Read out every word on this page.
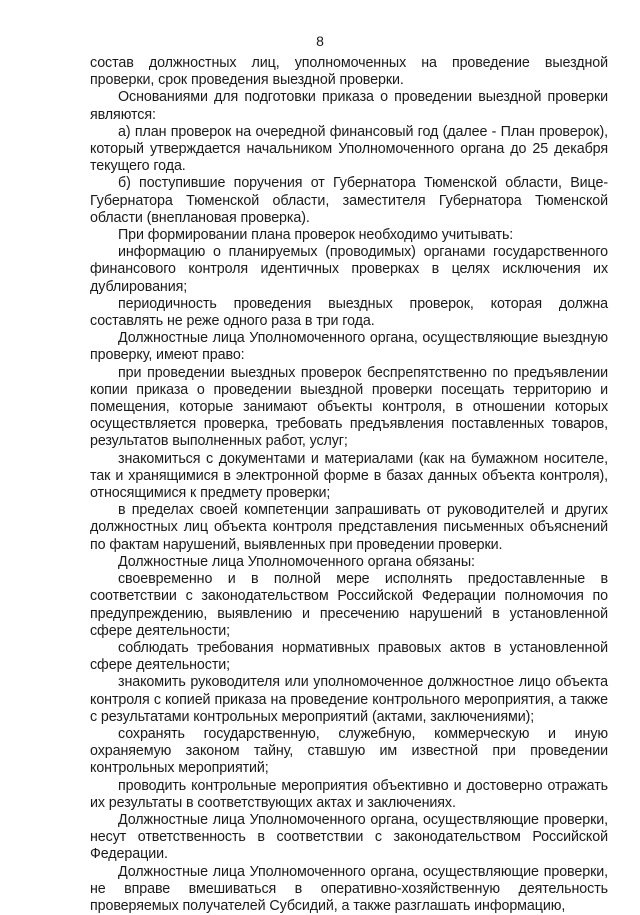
8

состав должностных лиц, уполномоченных на проведение выездной проверки, срок проведения выездной проверки.

Основаниями для подготовки приказа о проведении выездной проверки являются:

а) план проверок на очередной финансовый год (далее - План проверок), который утверждается начальником Уполномоченного органа до 25 декабря текущего года.

б) поступившие поручения от Губернатора Тюменской области, Вице-Губернатора Тюменской области, заместителя Губернатора Тюменской области (внеплановая проверка).

При формировании плана проверок необходимо учитывать:

информацию о планируемых (проводимых) органами государственного финансового контроля идентичных проверках в целях исключения их дублирования;

периодичность проведения выездных проверок, которая должна составлять не реже одного раза в три года.

Должностные лица Уполномоченного органа, осуществляющие выездную проверку, имеют право:

при проведении выездных проверок беспрепятственно по предъявлении копии приказа о проведении выездной проверки посещать территорию и помещения, которые занимают объекты контроля, в отношении которых осуществляется проверка, требовать предъявления поставленных товаров, результатов выполненных работ, услуг;

знакомиться с документами и материалами (как на бумажном носителе, так и хранящимися в электронной форме в базах данных объекта контроля), относящимися к предмету проверки;

в пределах своей компетенции запрашивать от руководителей и других должностных лиц объекта контроля представления письменных объяснений по фактам нарушений, выявленных при проведении проверки.

Должностные лица Уполномоченного органа обязаны:

своевременно и в полной мере исполнять предоставленные в соответствии с законодательством Российской Федерации полномочия по предупреждению, выявлению и пресечению нарушений в установленной сфере деятельности;

соблюдать требования нормативных правовых актов в установленной сфере деятельности;

знакомить руководителя или уполномоченное должностное лицо объекта контроля с копией приказа на проведение контрольного мероприятия, а также с результатами контрольных мероприятий (актами, заключениями);

сохранять государственную, служебную, коммерческую и иную охраняемую законом тайну, ставшую им известной при проведении контрольных мероприятий;

проводить контрольные мероприятия объективно и достоверно отражать их результаты в соответствующих актах и заключениях.

Должностные лица Уполномоченного органа, осуществляющие проверки, несут ответственность в соответствии с законодательством Российской Федерации.

Должностные лица Уполномоченного органа, осуществляющие проверки, не вправе вмешиваться в оперативно-хозяйственную деятельность проверяемых получателей Субсидий, а также разглашать информацию,
